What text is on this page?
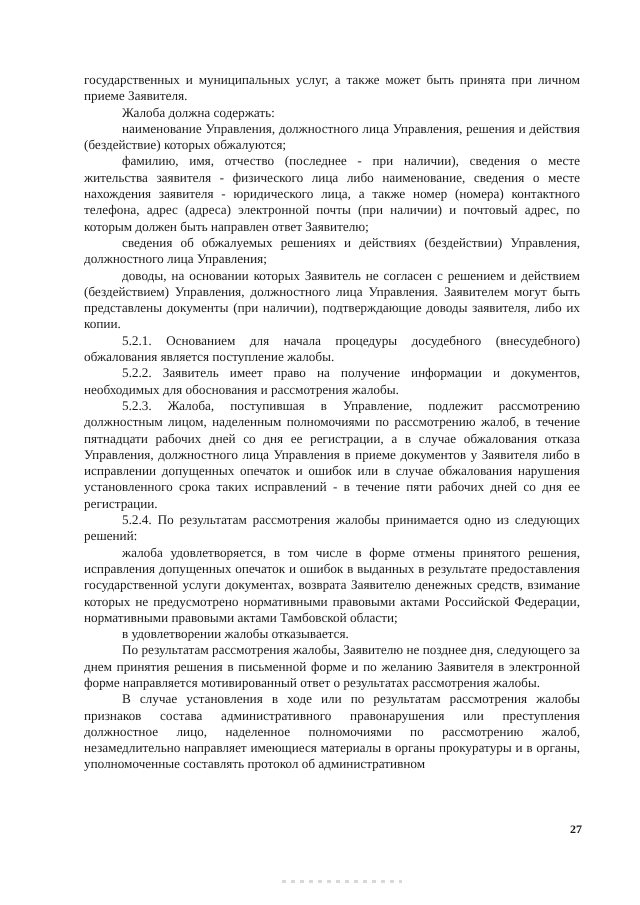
государственных и муниципальных услуг, а также может быть принята при личном приеме Заявителя.

Жалоба должна содержать:

наименование Управления, должностного лица Управления, решения и действия (бездействие) которых обжалуются;

фамилию, имя, отчество (последнее - при наличии), сведения о месте жительства заявителя - физического лица либо наименование, сведения о месте нахождения заявителя - юридического лица, а также номер (номера) контактного телефона, адрес (адреса) электронной почты (при наличии) и почтовый адрес, по которым должен быть направлен ответ Заявителю;

сведения об обжалуемых решениях и действиях (бездействии) Управления, должностного лица Управления;

доводы, на основании которых Заявитель не согласен с решением и действием (бездействием) Управления, должностного лица Управления. Заявителем могут быть представлены документы (при наличии), подтверждающие доводы заявителя, либо их копии.

5.2.1. Основанием для начала процедуры досудебного (внесудебного) обжалования является поступление жалобы.

5.2.2. Заявитель имеет право на получение информации и документов, необходимых для обоснования и рассмотрения жалобы.

5.2.3. Жалоба, поступившая в Управление, подлежит рассмотрению должностным лицом, наделенным полномочиями по рассмотрению жалоб, в течение пятнадцати рабочих дней со дня ее регистрации, а в случае обжалования отказа Управления, должностного лица Управления в приеме документов у Заявителя либо в исправлении допущенных опечаток и ошибок или в случае обжалования нарушения установленного срока таких исправлений - в течение пяти рабочих дней со дня ее регистрации.

5.2.4. По результатам рассмотрения жалобы принимается одно из следующих решений:

жалоба удовлетворяется, в том числе в форме отмены принятого решения, исправления допущенных опечаток и ошибок в выданных в результате предоставления государственной услуги документах, возврата Заявителю денежных средств, взимание которых не предусмотрено нормативными правовыми актами Российской Федерации, нормативными правовыми актами Тамбовской области;

в удовлетворении жалобы отказывается.

По результатам рассмотрения жалобы, Заявителю не позднее дня, следующего за днем принятия решения в письменной форме и по желанию Заявителя в электронной форме направляется мотивированный ответ о результатах рассмотрения жалобы.

В случае установления в ходе или по результатам рассмотрения жалобы признаков состава административного правонарушения или преступления должностное лицо, наделенное полномочиями по рассмотрению жалоб, незамедлительно направляет имеющиеся материалы в органы прокуратуры и в органы, уполномоченные составлять протокол об административном

27
